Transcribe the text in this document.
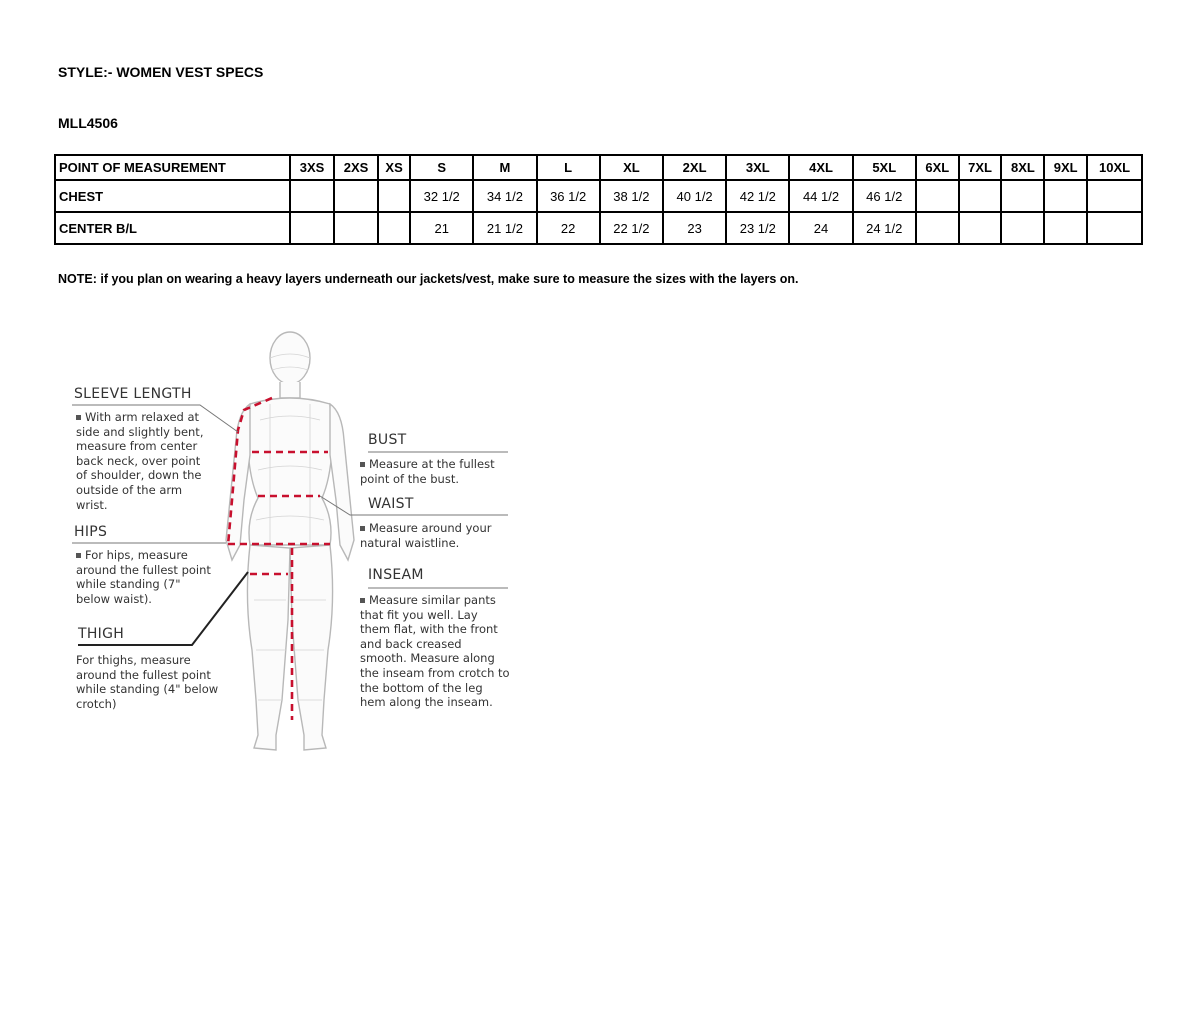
STYLE:- WOMEN VEST SPECS
MLL4506
POINT OF MEASUREMENT	3XS	2XS	XS	S	M	L	XL	2XL	3XL	4XL	5XL	6XL	7XL	8XL	9XL	10XL
CHEST				32 1/2	34 1/2	36 1/2	38 1/2	40 1/2	42 1/2	44 1/2	46 1/2					
CENTER B/L				21	21 1/2	22	22 1/2	23	23 1/2	24	24 1/2					
NOTE: if you plan on wearing a heavy layers underneath our jackets/vest, make sure to measure the sizes with the layers on.
SLEEVE LENGTH
With arm relaxed at side and slightly bent, measure from center back neck, over point of shoulder, down the outside of the arm wrist.
HIPS
For hips, measure around the fullest point while standing (7" below waist).
THIGH
For thighs, measure around the fullest point while standing (4" below crotch)
BUST
Measure at the fullest point of the bust.
WAIST
Measure around your natural waistline.
INSEAM
Measure similar pants that fit you well. Lay them flat, with the front and back creased smooth. Measure along the inseam from crotch to the bottom of the leg hem along the inseam.
